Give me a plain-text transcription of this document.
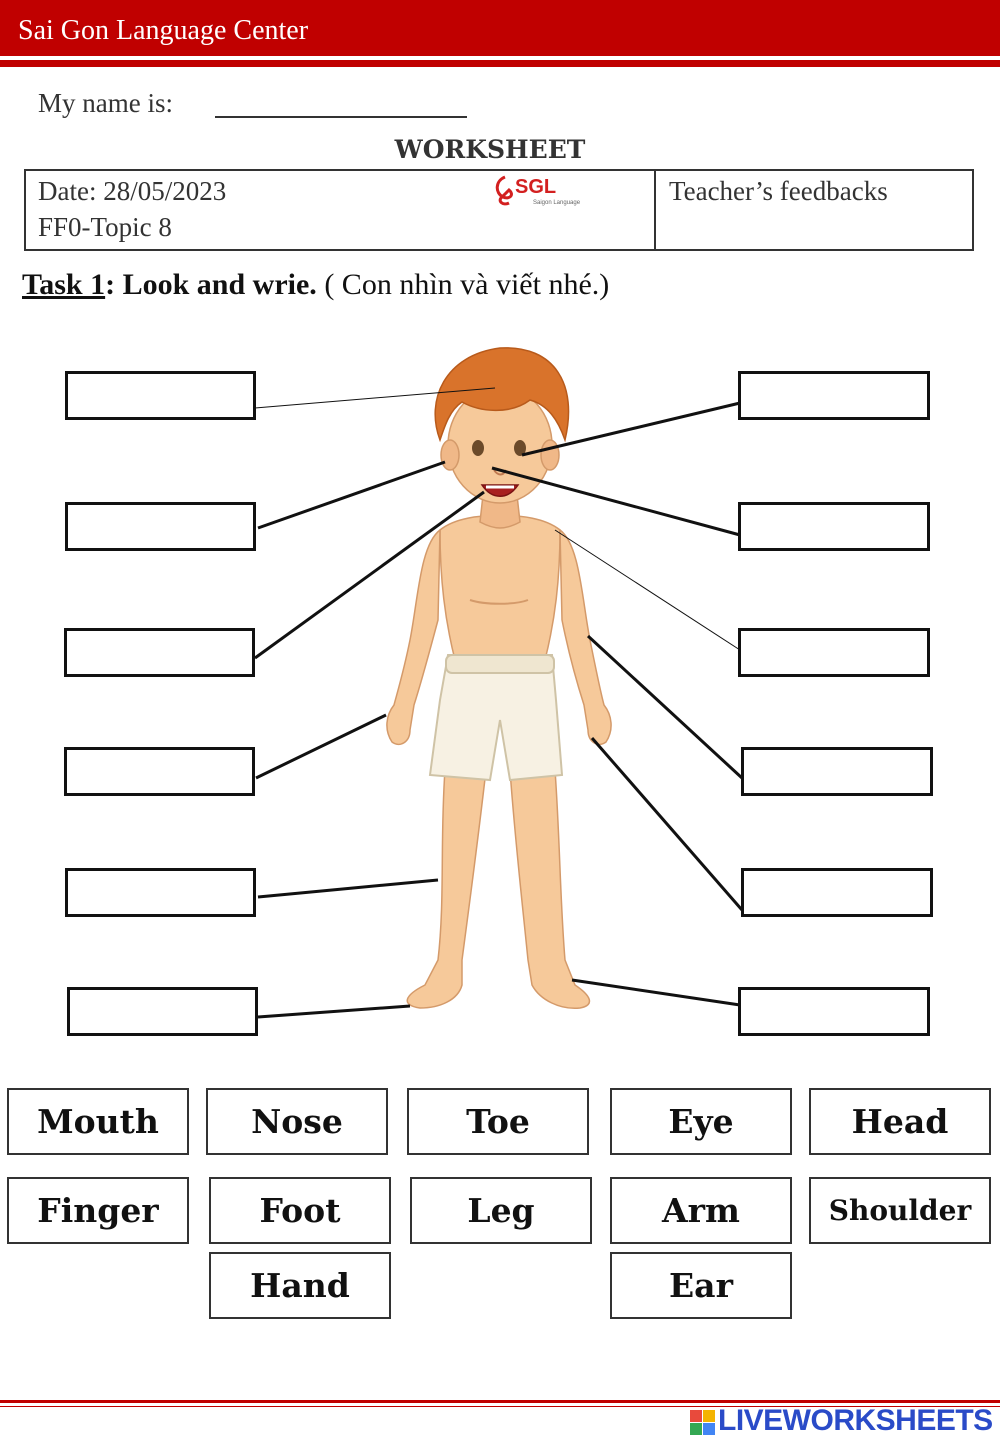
Sai Gon Language Center
My name is:
WORKSHEET
Date: 28/05/2023
FF0-Topic 8
Teacher’s feedbacks
SGL
Saigon Language
Task 1: Look and wrie. ( Con nhìn và viết nhé.)
Mouth	Nose	Toe	Eye	Head
Finger	Foot	Leg	Arm	Shoulder
Hand	Ear
LIVEWORKSHEETS
